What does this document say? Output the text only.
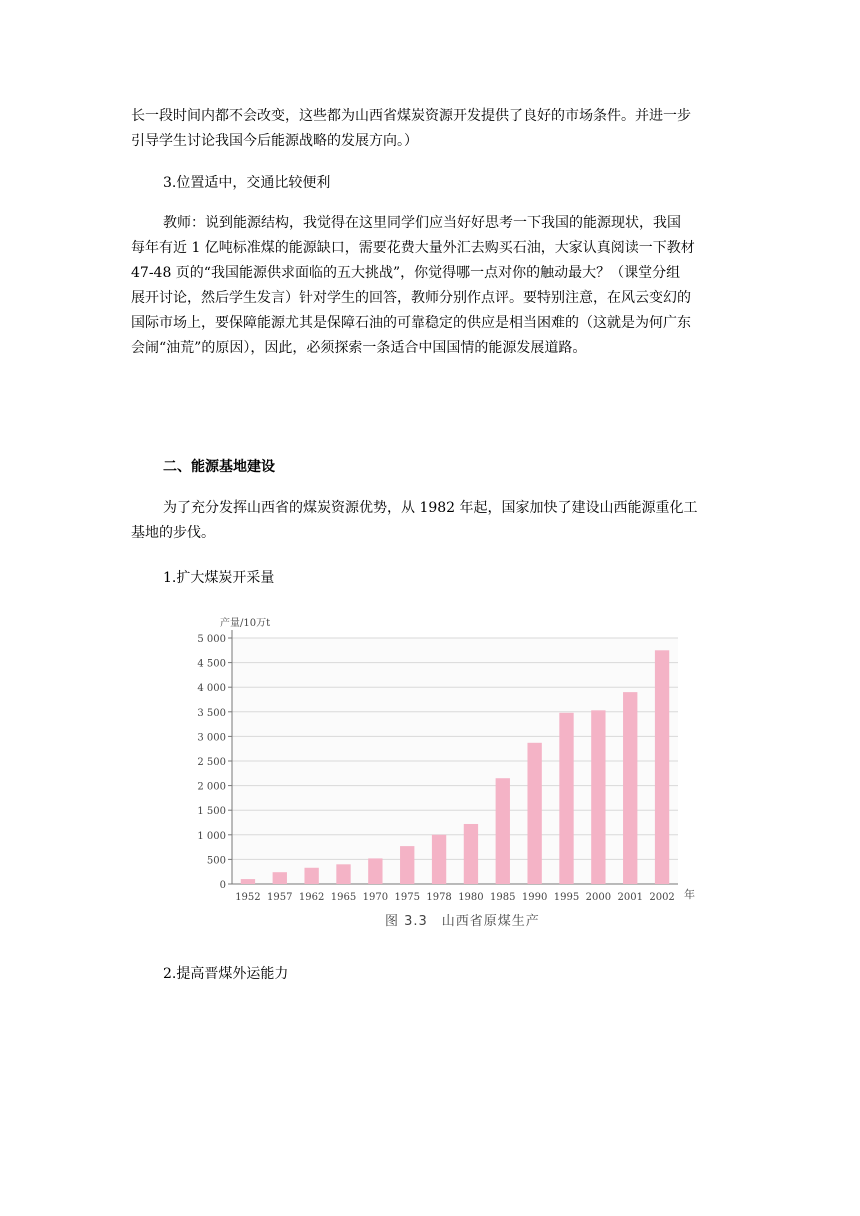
长一段时间内都不会改变，这些都为山西省煤炭资源开发提供了良好的市场条件。并进一步

引导学生讨论我国今后能源战略的发展方向。）

3.位置适中，交通比较便利

教师：说到能源结构，我觉得在这里同学们应当好好思考一下我国的能源现状，我国

每年有近 1 亿吨标准煤的能源缺口，需要花费大量外汇去购买石油，大家认真阅读一下教材

47-48 页的“我国能源供求面临的五大挑战”，你觉得哪一点对你的触动最大？（课堂分组

展开讨论，然后学生发言）针对学生的回答，教师分别作点评。要特别注意，在风云变幻的

国际市场上，要保障能源尤其是保障石油的可靠稳定的供应是相当困难的（这就是为何广东

会闹“油荒”的原因），因此，必须探索一条适合中国国情的能源发展道路。

二、能源基地建设

为了充分发挥山西省的煤炭资源优势，从 1982 年起，国家加快了建设山西能源重化工

基地的步伐。

1.扩大煤炭开采量
0
500
1 000
1 500
2 000
2 500
3 000
3 500
4 000
4 500
5 000
产量/10万t
1952 1957 1962 1965 1970 1975 1978 1980 1985 1990 1995 2000 2001 2002 年
图 3.3　山西省原煤生产
2.提高晋煤外运能力
